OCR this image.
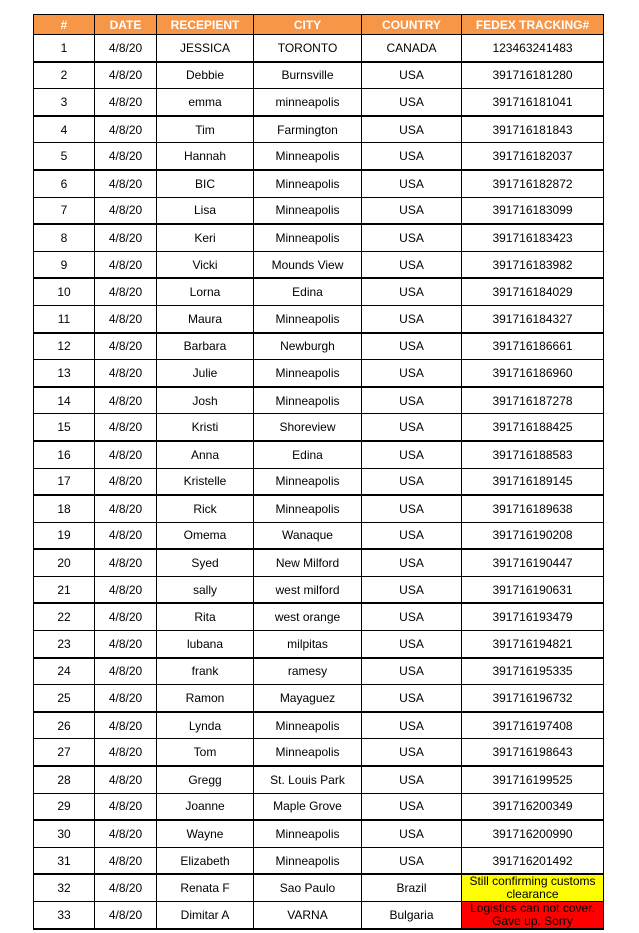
#	DATE	RECEPIENT	CITY	COUNTRY	FEDEX TRACKING#
1	4/8/20	JESSICA	TORONTO	CANADA	123463241483
2	4/8/20	Debbie	Burnsville	USA	391716181280
3	4/8/20	emma	minneapolis	USA	391716181041
4	4/8/20	Tim	Farmington	USA	391716181843
5	4/8/20	Hannah	Minneapolis	USA	391716182037
6	4/8/20	BIC	Minneapolis	USA	391716182872
7	4/8/20	Lisa	Minneapolis	USA	391716183099
8	4/8/20	Keri	Minneapolis	USA	391716183423
9	4/8/20	Vicki	Mounds View	USA	391716183982
10	4/8/20	Lorna	Edina	USA	391716184029
11	4/8/20	Maura	Minneapolis	USA	391716184327
12	4/8/20	Barbara	Newburgh	USA	391716186661
13	4/8/20	Julie	Minneapolis	USA	391716186960
14	4/8/20	Josh	Minneapolis	USA	391716187278
15	4/8/20	Kristi	Shoreview	USA	391716188425
16	4/8/20	Anna	Edina	USA	391716188583
17	4/8/20	Kristelle	Minneapolis	USA	391716189145
18	4/8/20	Rick	Minneapolis	USA	391716189638
19	4/8/20	Omema	Wanaque	USA	391716190208
20	4/8/20	Syed	New Milford	USA	391716190447
21	4/8/20	sally	west milford	USA	391716190631
22	4/8/20	Rita	west orange	USA	391716193479
23	4/8/20	lubana	milpitas	USA	391716194821
24	4/8/20	frank	ramesy	USA	391716195335
25	4/8/20	Ramon	Mayaguez	USA	391716196732
26	4/8/20	Lynda	Minneapolis	USA	391716197408
27	4/8/20	Tom	Minneapolis	USA	391716198643
28	4/8/20	Gregg	St. Louis Park	USA	391716199525
29	4/8/20	Joanne	Maple Grove	USA	391716200349
30	4/8/20	Wayne	Minneapolis	USA	391716200990
31	4/8/20	Elizabeth	Minneapolis	USA	391716201492
32	4/8/20	Renata F	Sao Paulo	Brazil	Still confirming customs clearance
33	4/8/20	Dimitar A	VARNA	Bulgaria	Logistics can not cover. Gave up. Sorry
